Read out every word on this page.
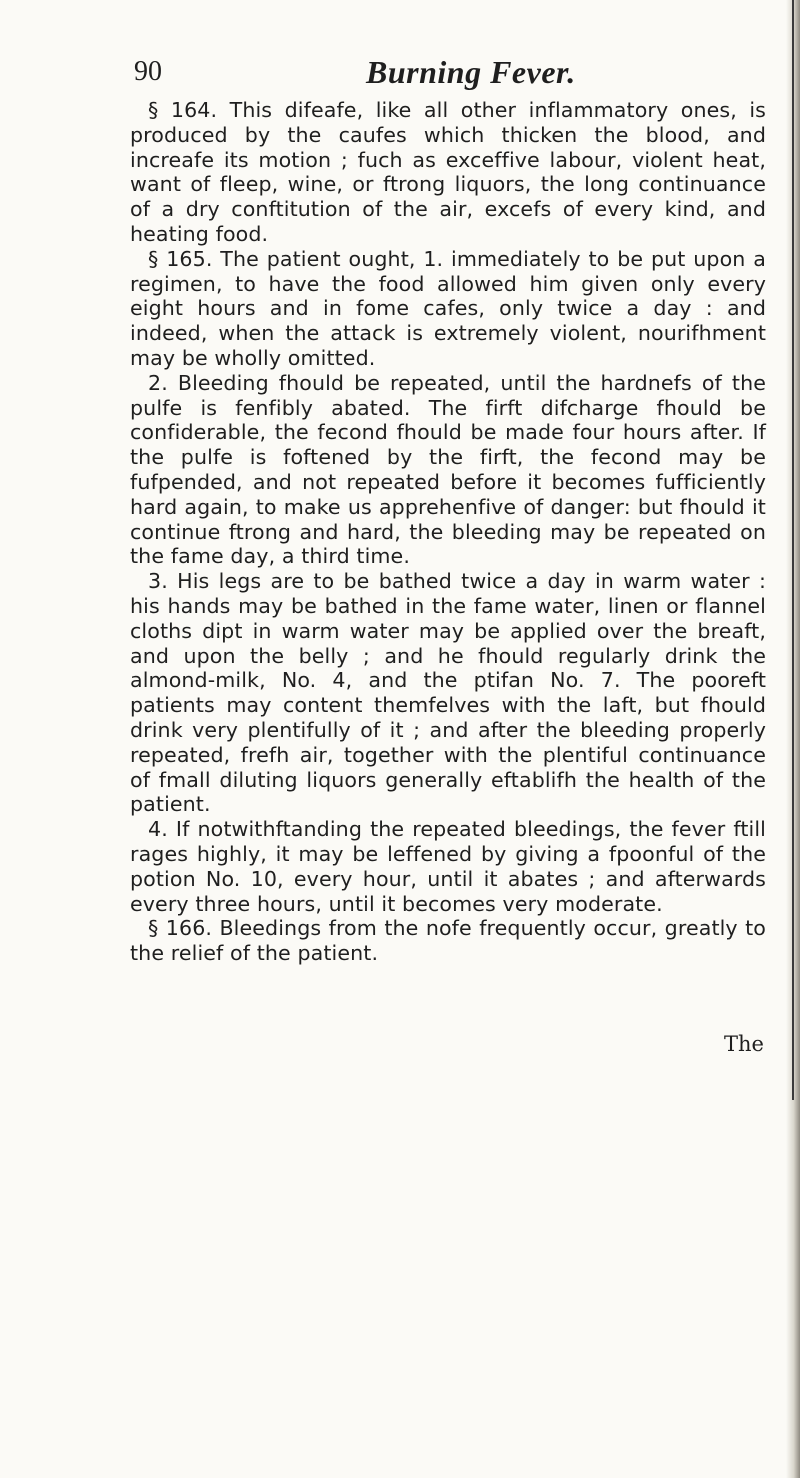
90	Burning Fever.

§ 164. This difeafe, like all other inflammatory ones, is produced by the caufes which thicken the blood, and increafe its motion ; fuch as exceffive labour, violent heat, want of fleep, wine, or ftrong liquors, the long continuance of a dry conftitution of the air, excefs of every kind, and heating food.

§ 165. The patient ought, 1. immediately to be put upon a regimen, to have the food allowed him given only every eight hours and in fome cafes, only twice a day : and indeed, when the attack is extremely violent, nourifhment may be wholly omitted.

2. Bleeding fhould be repeated, until the hardnefs of the pulfe is fenfibly abated. The firft difcharge fhould be confiderable, the fecond fhould be made four hours after. If the pulfe is foftened by the firft, the fecond may be fufpended, and not repeated before it becomes fufficiently hard again, to make us apprehenfive of danger: but fhould it continue ftrong and hard, the bleeding may be repeated on the fame day, a third time.

3. His legs are to be bathed twice a day in warm water : his hands may be bathed in the fame water, linen or flannel cloths dipt in warm water may be applied over the breaft, and upon the belly ; and he fhould regularly drink the almond-milk, No. 4, and the ptifan No. 7. The pooreft patients may content themfelves with the laft, but fhould drink very plentifully of it ; and after the bleeding properly repeated, frefh air, together with the plentiful continuance of fmall diluting liquors generally eftablifh the health of the patient.

4. If notwithftanding the repeated bleedings, the fever ftill rages highly, it may be leffened by giving a fpoonful of the potion No. 10, every hour, until it abates ; and afterwards every three hours, until it becomes very moderate.

§ 166. Bleedings from the nofe frequently occur, greatly to the relief of the patient.

The
